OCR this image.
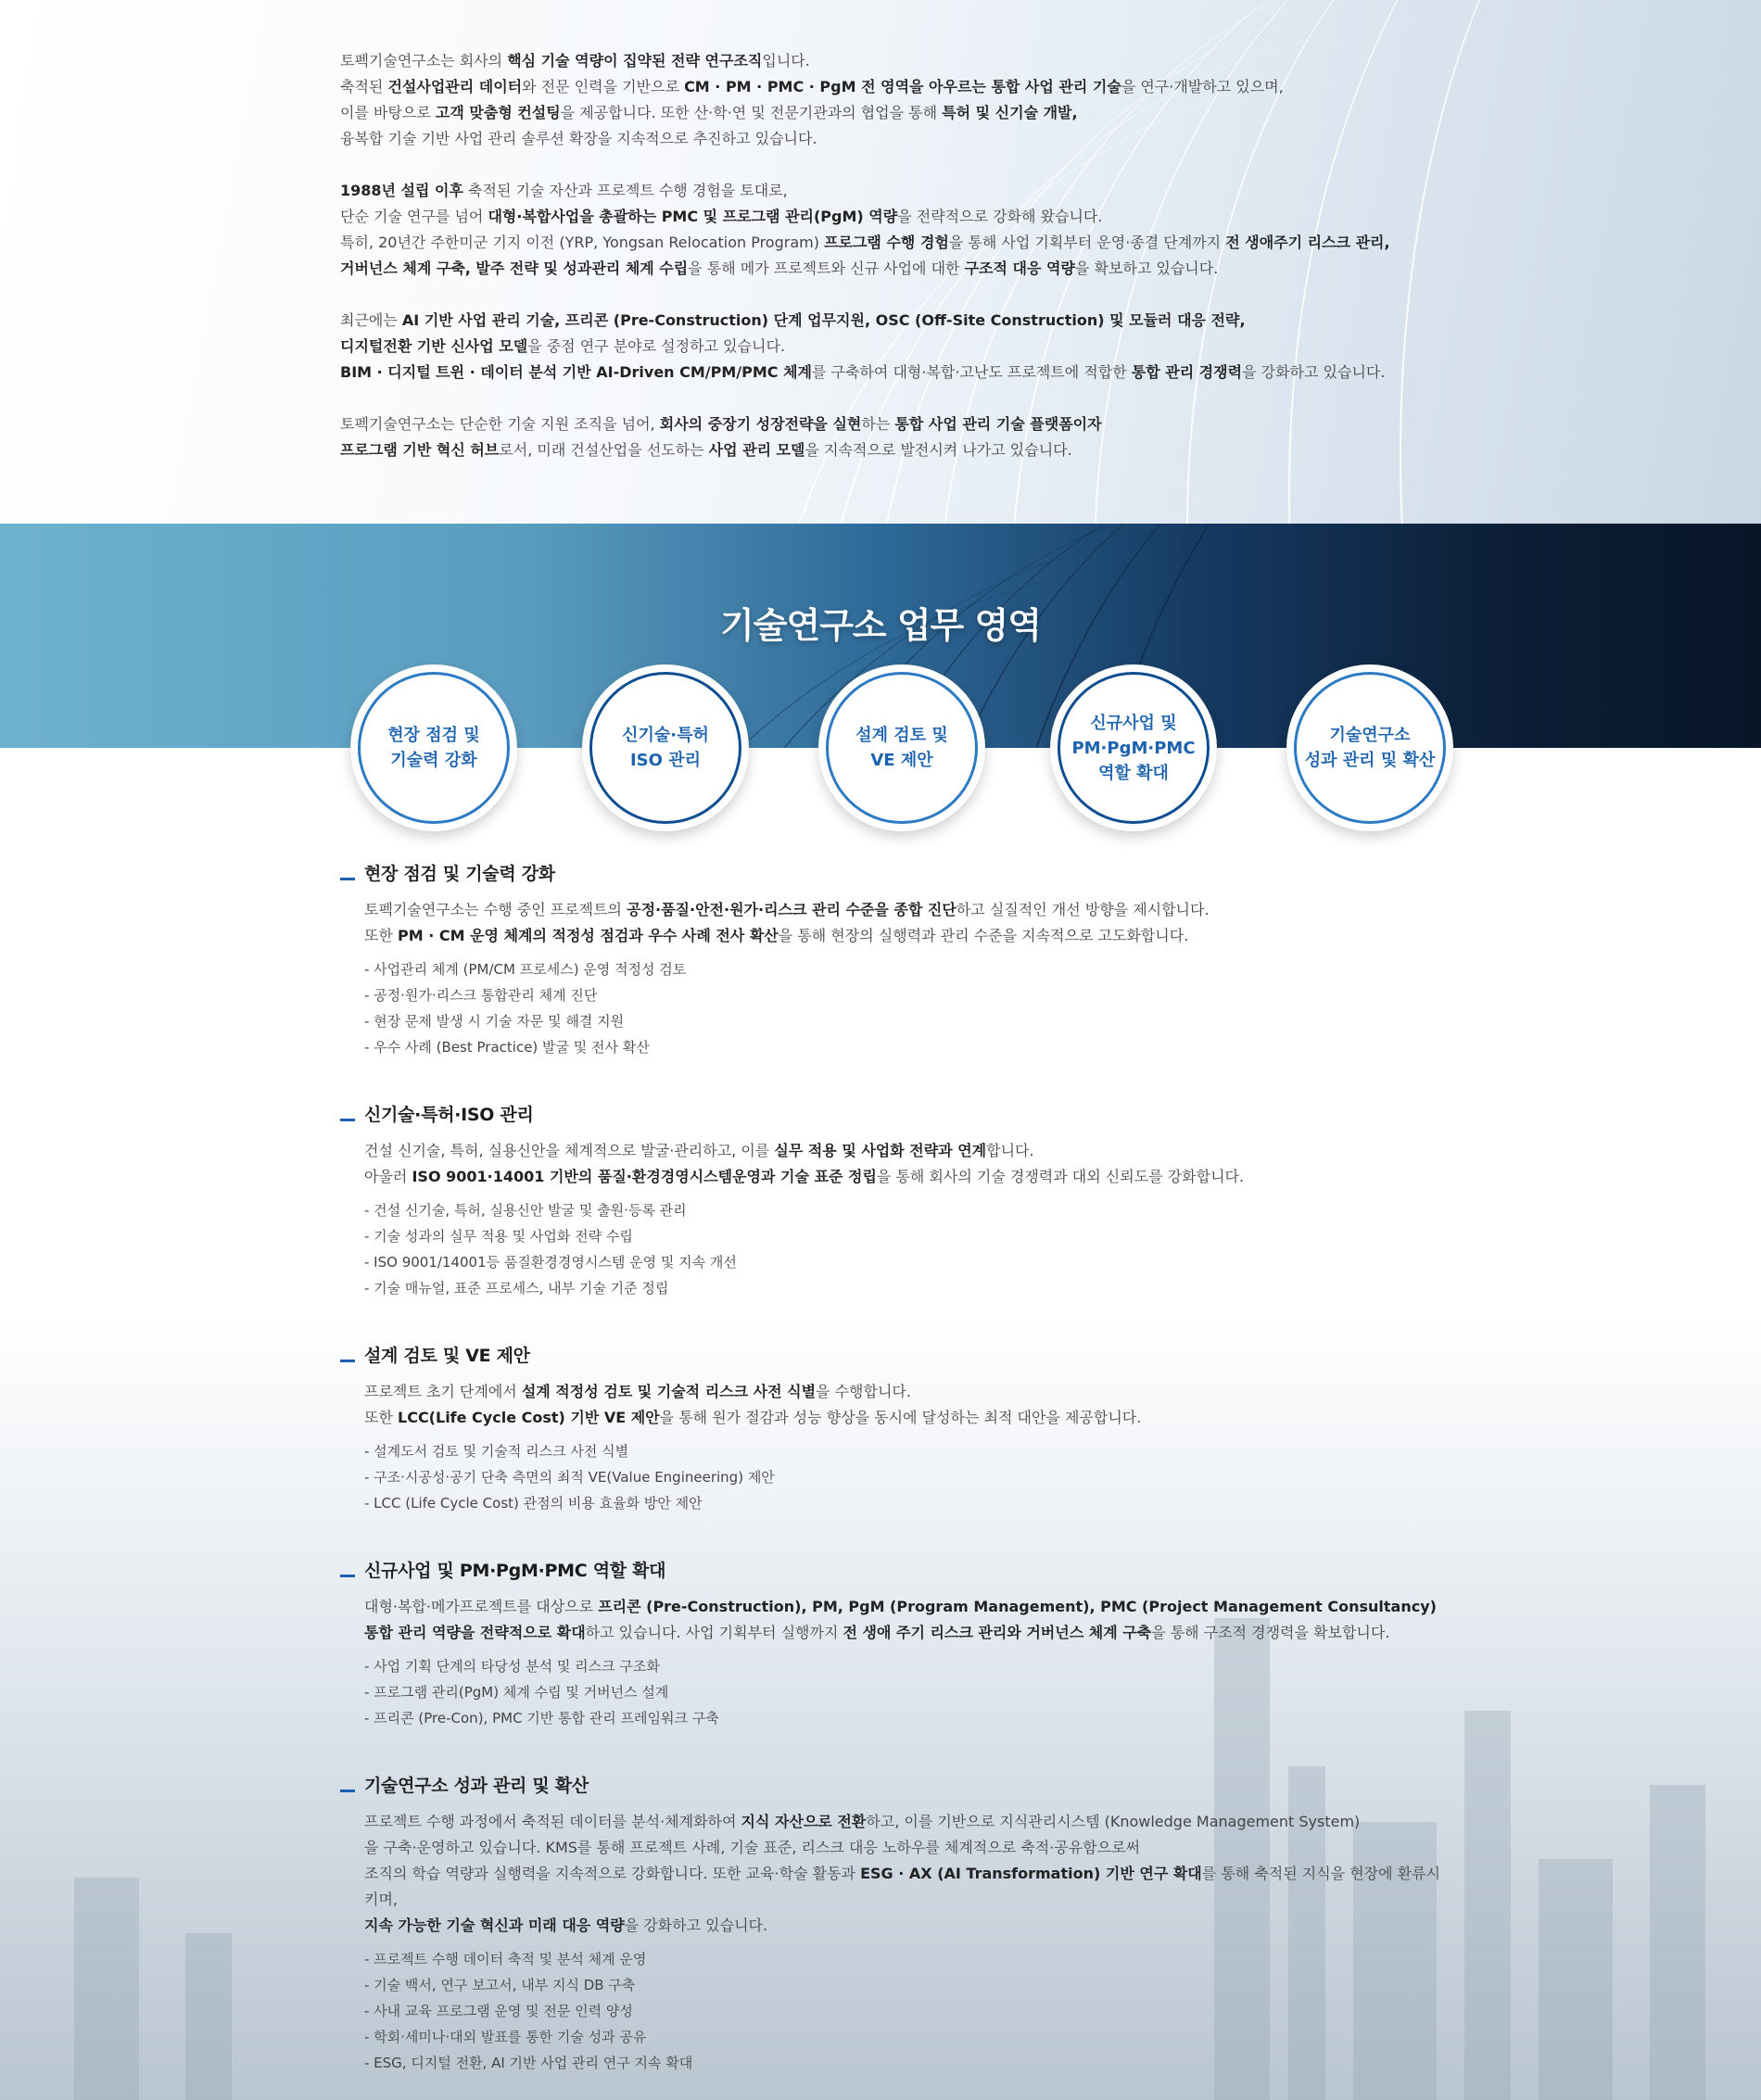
토펙기술연구소는 회사의 핵심 기술 역량이 집약된 전략 연구조직입니다.
축적된 건설사업관리 데이터와 전문 인력을 기반으로 CM · PM · PMC · PgM 전 영역을 아우르는 통합 사업 관리 기술을 연구·개발하고 있으며,
이를 바탕으로 고객 맞춤형 컨설팅을 제공합니다. 또한 산·학·연 및 전문기관과의 협업을 통해 특허 및 신기술 개발,
융복합 기술 기반 사업 관리 솔루션 확장을 지속적으로 추진하고 있습니다.

1988년 설립 이후 축적된 기술 자산과 프로젝트 수행 경험을 토대로,
단순 기술 연구를 넘어 대형·복합사업을 총괄하는 PMC 및 프로그램 관리(PgM) 역량을 전략적으로 강화해 왔습니다.
특히, 20년간 주한미군 기지 이전 (YRP, Yongsan Relocation Program) 프로그램 수행 경험을 통해 사업 기획부터 운영·종결 단계까지 전 생애주기 리스크 관리,
거버넌스 체계 구축, 발주 전략 및 성과관리 체계 수립을 통해 메가 프로젝트와 신규 사업에 대한 구조적 대응 역량을 확보하고 있습니다.

최근에는 AI 기반 사업 관리 기술, 프리콘 (Pre-Construction) 단계 업무지원, OSC (Off-Site Construction) 및 모듈러 대응 전략,
디지털전환 기반 신사업 모델을 중점 연구 분야로 설정하고 있습니다.
BIM · 디지털 트윈 · 데이터 분석 기반 AI-Driven CM/PM/PMC 체계를 구축하여 대형·복합·고난도 프로젝트에 적합한 통합 관리 경쟁력을 강화하고 있습니다.

토펙기술연구소는 단순한 기술 지원 조직을 넘어, 회사의 중장기 성장전략을 실현하는 통합 사업 관리 기술 플랫폼이자
프로그램 기반 혁신 허브로서, 미래 건설산업을 선도하는 사업 관리 모델을 지속적으로 발전시켜 나가고 있습니다.

기술연구소 업무 영역
현장 점검 및
기술력 강화
신기술·특허
ISO 관리
설계 검토 및
VE 제안
신규사업 및
PM·PgM·PMC
역할 확대
기술연구소
성과 관리 및 확산
현장 점검 및 기술력 강화
토펙기술연구소는 수행 중인 프로젝트의 공정·품질·안전·원가·리스크 관리 수준을 종합 진단하고 실질적인 개선 방향을 제시합니다.
또한 PM · CM 운영 체계의 적정성 점검과 우수 사례 전사 확산을 통해 현장의 실행력과 관리 수준을 지속적으로 고도화합니다.
- 사업관리 체계 (PM/CM 프로세스) 운영 적정성 검토
- 공정·원가·리스크 통합관리 체계 진단
- 현장 문제 발생 시 기술 자문 및 해결 지원
- 우수 사례 (Best Practice) 발굴 및 전사 확산
신기술·특허·ISO 관리
건설 신기술, 특허, 실용신안을 체계적으로 발굴·관리하고, 이를 실무 적용 및 사업화 전략과 연계합니다.
아울러 ISO 9001·14001 기반의 품질·환경경영시스템운영과 기술 표준 정립을 통해 회사의 기술 경쟁력과 대외 신뢰도를 강화합니다.
- 건설 신기술, 특허, 실용신안 발굴 및 출원·등록 관리
- 기술 성과의 실무 적용 및 사업화 전략 수립
- ISO 9001/14001등 품질환경경영시스템 운영 및 지속 개선
- 기술 매뉴얼, 표준 프로세스, 내부 기술 기준 정립
설계 검토 및 VE 제안
프로젝트 초기 단계에서 설계 적정성 검토 및 기술적 리스크 사전 식별을 수행합니다.
또한 LCC(Life Cycle Cost) 기반 VE 제안을 통해 원가 절감과 성능 향상을 동시에 달성하는 최적 대안을 제공합니다.
- 설계도서 검토 및 기술적 리스크 사전 식별
- 구조·시공성·공기 단축 측면의 최적 VE(Value Engineering) 제안
- LCC (Life Cycle Cost) 관점의 비용 효율화 방안 제안
신규사업 및 PM·PgM·PMC 역할 확대
대형·복합·메가프로젝트를 대상으로 프리콘 (Pre-Construction), PM, PgM (Program Management), PMC (Project Management Consultancy)
통합 관리 역량을 전략적으로 확대하고 있습니다. 사업 기획부터 실행까지 전 생애 주기 리스크 관리와 거버넌스 체계 구축을 통해 구조적 경쟁력을 확보합니다.
- 사업 기획 단계의 타당성 분석 및 리스크 구조화
- 프로그램 관리(PgM) 체계 수립 및 거버넌스 설계
- 프리콘 (Pre-Con), PMC 기반 통합 관리 프레임워크 구축
기술연구소 성과 관리 및 확산
프로젝트 수행 과정에서 축적된 데이터를 분석·체계화하여 지식 자산으로 전환하고, 이를 기반으로 지식관리시스템 (Knowledge Management System)
을 구축·운영하고 있습니다. KMS를 통해 프로젝트 사례, 기술 표준, 리스크 대응 노하우를 체계적으로 축적·공유함으로써
조직의 학습 역량과 실행력을 지속적으로 강화합니다. 또한 교육·학술 활동과 ESG · AX (AI Transformation) 기반 연구 확대를 통해 축적된 지식을 현장에 환류시키며,
지속 가능한 기술 혁신과 미래 대응 역량을 강화하고 있습니다.
- 프로젝트 수행 데이터 축적 및 분석 체계 운영
- 기술 백서, 연구 보고서, 내부 지식 DB 구축
- 사내 교육 프로그램 운영 및 전문 인력 양성
- 학회·세미나·대외 발표를 통한 기술 성과 공유
- ESG, 디지털 전환, AI 기반 사업 관리 연구 지속 확대
